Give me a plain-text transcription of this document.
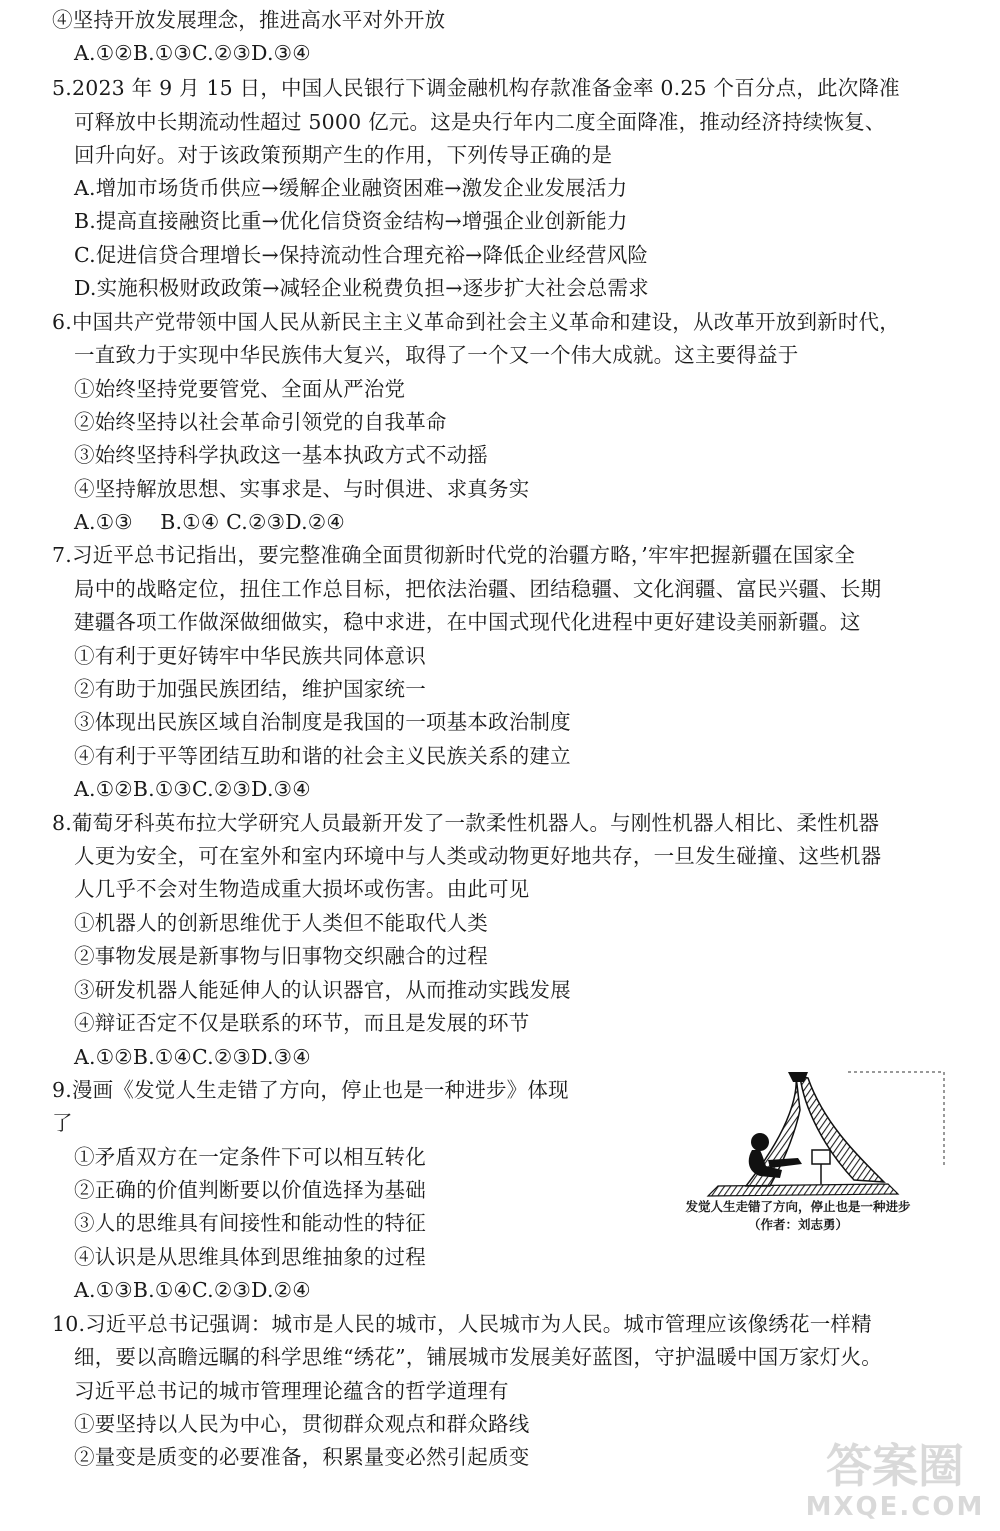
④坚持开放发展理念，推进高水平对外开放
A.①②B.①③C.②③D.③④
5.2023 年 9 月 15 日，中国人民银行下调金融机构存款准备金率 0.25 个百分点，此次降准
可释放中长期流动性超过 5000 亿元。这是央行年内二度全面降准，推动经济持续恢复、
回升向好。对于该政策预期产生的作用，下列传导正确的是
A.增加市场货币供应→缓解企业融资困难→激发企业发展活力
B.提高直接融资比重→优化信贷资金结构→增强企业创新能力
C.促进信贷合理增长→保持流动性合理充裕→降低企业经营风险
D.实施积极财政政策→减轻企业税费负担→逐步扩大社会总需求
6.中国共产党带领中国人民从新民主主义革命到社会主义革命和建设，从改革开放到新时代，
一直致力于实现中华民族伟大复兴，取得了一个又一个伟大成就。这主要得益于
①始终坚持党要管党、全面从严治党
②始终坚持以社会革命引领党的自我革命
③始终坚持科学执政这一基本执政方式不动摇
④坚持解放思想、实事求是、与时俱进、求真务实
A.①③　 B.①④ C.②③D.②④
7.习近平总书记指出，要完整准确全面贯彻新时代党的治疆方略，’牢牢把握新疆在国家全
局中的战略定位，扭住工作总目标，把依法治疆、团结稳疆、文化润疆、富民兴疆、长期
建疆各项工作做深做细做实，稳中求进，在中国式现代化进程中更好建设美丽新疆。这
①有利于更好铸牢中华民族共同体意识
②有助于加强民族团结，维护国家统一
③体现出民族区域自治制度是我国的一项基本政治制度
④有利于平等团结互助和谐的社会主义民族关系的建立
A.①②B.①③C.②③D.③④
8.葡萄牙科英布拉大学研究人员最新开发了一款柔性机器人。与刚性机器人相比、柔性机器
人更为安全，可在室外和室内环境中与人类或动物更好地共存，一旦发生碰撞、这些机器
人几乎不会对生物造成重大损坏或伤害。由此可见
①机器人的创新思维优于人类但不能取代人类
②事物发展是新事物与旧事物交织融合的过程
③研发机器人能延伸人的认识器官，从而推动实践发展
④辩证否定不仅是联系的环节，而且是发展的环节
A.①②B.①④C.②③D.③④
9.漫画《发觉人生走错了方向，停止也是一种进步》体现
了
①矛盾双方在一定条件下可以相互转化
②正确的价值判断要以价值选择为基础
③人的思维具有间接性和能动性的特征
④认识是从思维具体到思维抽象的过程
A.①③B.①④C.②③D.②④
10.习近平总书记强调：城市是人民的城市，人民城市为人民。城市管理应该像绣花一样精
细，要以高瞻远瞩的科学思维“绣花”，铺展城市发展美好蓝图，守护温暖中国万家灯火。
习近平总书记的城市管理理论蕴含的哲学道理有
①要坚持以人民为中心，贯彻群众观点和群众路线
②量变是质变的必要准备，积累量变必然引起质变
发觉人生走错了方向，停止也是一种进步
（作者：刘志勇）
答案圈
MXQE.COM
